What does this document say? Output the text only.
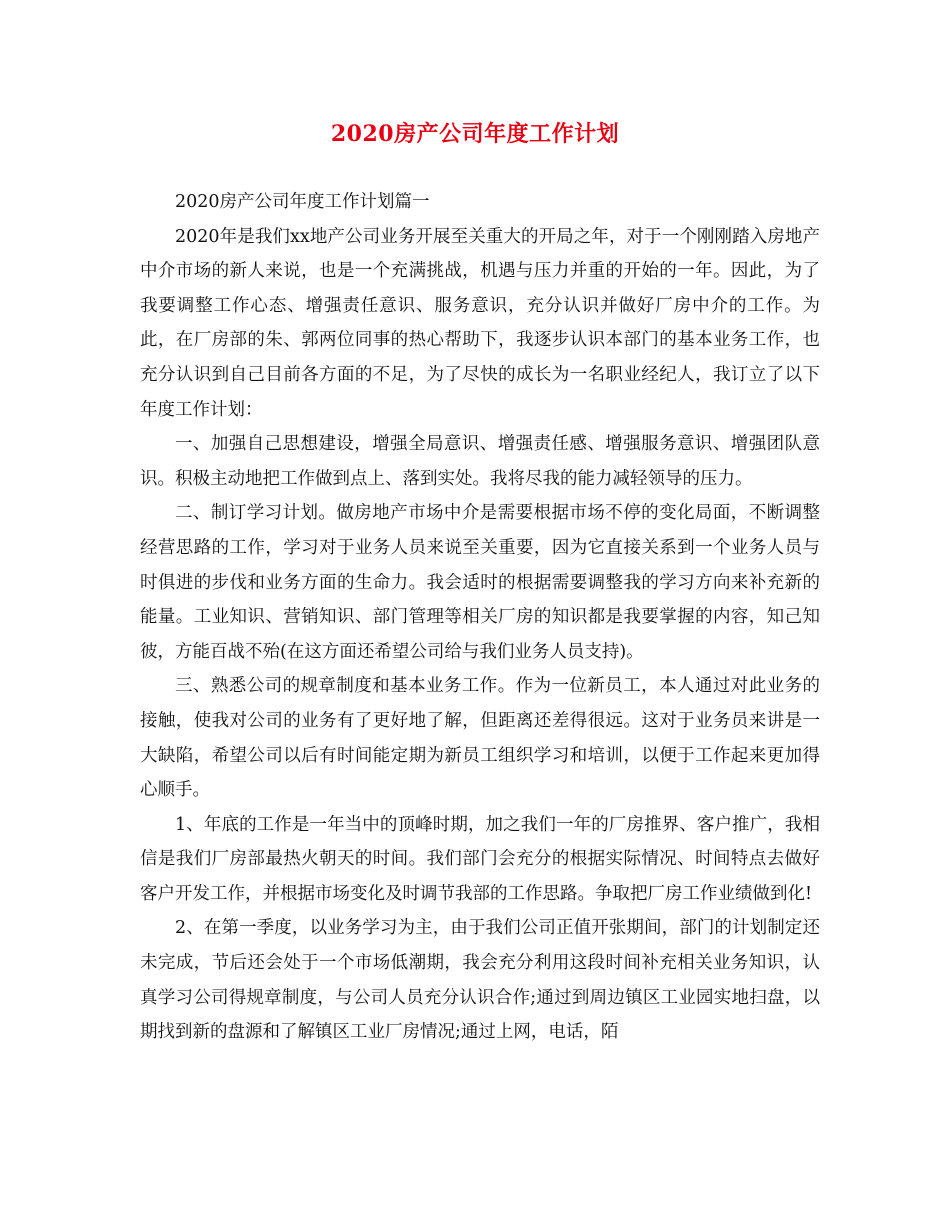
2020房产公司年度工作计划

2020房产公司年度工作计划篇一

2020年是我们xx地产公司业务开展至关重大的开局之年，对于一个刚刚踏入房地产中介市场的新人来说，也是一个充满挑战，机遇与压力并重的开始的一年。因此，为了我要调整工作心态、增强责任意识、服务意识，充分认识并做好厂房中介的工作。为此，在厂房部的朱、郭两位同事的热心帮助下，我逐步认识本部门的基本业务工作，也充分认识到自己目前各方面的不足，为了尽快的成长为一名职业经纪人，我订立了以下年度工作计划：

一、加强自己思想建设，增强全局意识、增强责任感、增强服务意识、增强团队意识。积极主动地把工作做到点上、落到实处。我将尽我的能力减轻领导的压力。

二、制订学习计划。做房地产市场中介是需要根据市场不停的变化局面，不断调整经营思路的工作，学习对于业务人员来说至关重要，因为它直接关系到一个业务人员与时俱进的步伐和业务方面的生命力。我会适时的根据需要调整我的学习方向来补充新的能量。工业知识、营销知识、部门管理等相关厂房的知识都是我要掌握的内容，知己知彼，方能百战不殆(在这方面还希望公司给与我们业务人员支持)。

三、熟悉公司的规章制度和基本业务工作。作为一位新员工，本人通过对此业务的接触，使我对公司的业务有了更好地了解，但距离还差得很远。这对于业务员来讲是一大缺陷，希望公司以后有时间能定期为新员工组织学习和培训，以便于工作起来更加得心顺手。

1、年底的工作是一年当中的顶峰时期，加之我们一年的厂房推界、客户推广，我相信是我们厂房部最热火朝天的时间。我们部门会充分的根据实际情况、时间特点去做好客户开发工作，并根据市场变化及时调节我部的工作思路。争取把厂房工作业绩做到化!

2、在第一季度，以业务学习为主，由于我们公司正值开张期间，部门的计划制定还未完成，节后还会处于一个市场低潮期，我会充分利用这段时间补充相关业务知识，认真学习公司得规章制度，与公司人员充分认识合作;通过到周边镇区工业园实地扫盘，以期找到新的盘源和了解镇区工业厂房情况;通过上网，电话，陌
